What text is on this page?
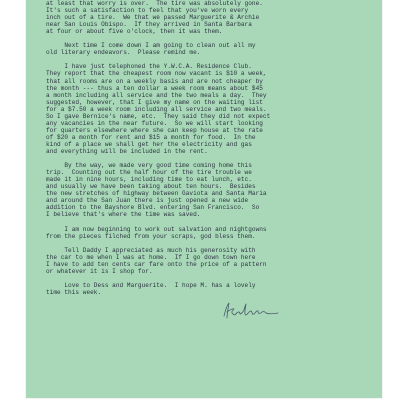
at least that worry is over.  The tire was absolutely gone.
It's such a satisfaction to feel that you've worn every
inch out of a tire.  We that we passed Marguerite & Archie
near San Louis Obispo.  If they arrived in Santa Barbara
at four or about five o'clock, then it was them.
Next time I come down I am going to clean out all my
old literary endeavors.  Please remind me.
I have just telephoned the Y.W.C.A. Residence Club.
They report that the cheapest room now vacant is $10 a week,
that all rooms are on a weekly basis and are not cheaper by
the month --- thus a ten dollar a week room means about $45
a month including all service and the two meals a day.  They
suggested, however, that I give my name on the waiting list
for a $7.50 a week room including all service and two meals.
So I gave Bernice's name, etc.  They said they did not expect
any vacancies in the near future.  So we will start looking
for quarters elsewhere where she can keep house at the rate
of $20 a month for rent and $15 a month for food.  In the
kind of a place we shall get her the electricity and gas
and everything will be included in the rent.
By the way, we made very good time coming home this
trip.  Counting out the half hour of the tire trouble we
made it in nine hours, including time to eat lunch, etc.
and usually we have been taking about ten hours.  Besides
the new stretches of highway between Gaviota and Santa Maria
and around the San Juan there is just opened a new wide
addition to the Bayshore Blvd. entering San Francisco.  So
I believe that's where the time was saved.
I am now beginning to work out salvation and nightgowns
from the pieces filched from your scraps, god bless them.
Tell Daddy I appreciated as much his generosity with
the car to me when I was at home.  If I go down town here
I have to add ten cents car fare onto the price of a pattern
or whatever it is I shop for.
Love to Dess and Marguerite.  I hope M. has a lovely
time this week.
